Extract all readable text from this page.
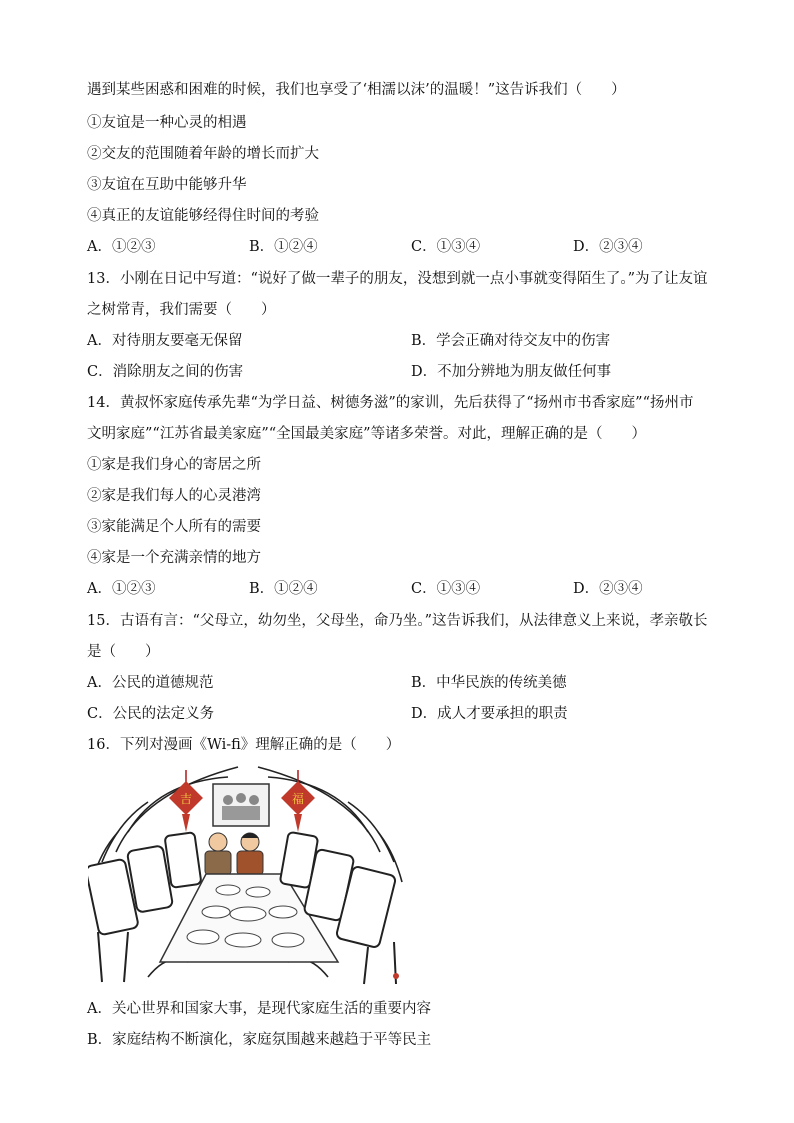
遇到某些困惑和困难的时候，我们也享受了‘相濡以沫’的温暖！”这告诉我们（　　）
①友谊是一种心灵的相遇
②交友的范围随着年龄的增长而扩大
③友谊在互助中能够升华
④真正的友谊能够经得住时间的考验
A．①②③	B．①②④	C．①③④	D．②③④
13．小刚在日记中写道：“说好了做一辈子的朋友，没想到就一点小事就变得陌生了。”为了让友谊
之树常青，我们需要（　　）
A．对待朋友要毫无保留	B．学会正确对待交友中的伤害
C．消除朋友之间的伤害	D．不加分辨地为朋友做任何事
14．黄叔怀家庭传承先辈“为学日益、树德务滋”的家训，先后获得了“扬州市书香家庭”“扬州市
文明家庭”“江苏省最美家庭”“全国最美家庭”等诸多荣誉。对此，理解正确的是（　　）
①家是我们身心的寄居之所
②家是我们每人的心灵港湾
③家能满足个人所有的需要
④家是一个充满亲情的地方
A．①②③	B．①②④	C．①③④	D．②③④
15．古语有言：“父母立，幼勿坐，父母坐，命乃坐。”这告诉我们，从法律意义上来说，孝亲敬长
是（　　）
A．公民的道德规范	B．中华民族的传统美德
C．公民的法定义务	D．成人才要承担的职责
16．下列对漫画《Wi-fi》理解正确的是（　　）
吉	福
A．关心世界和国家大事，是现代家庭生活的重要内容
B．家庭结构不断演化，家庭氛围越来越趋于平等民主
